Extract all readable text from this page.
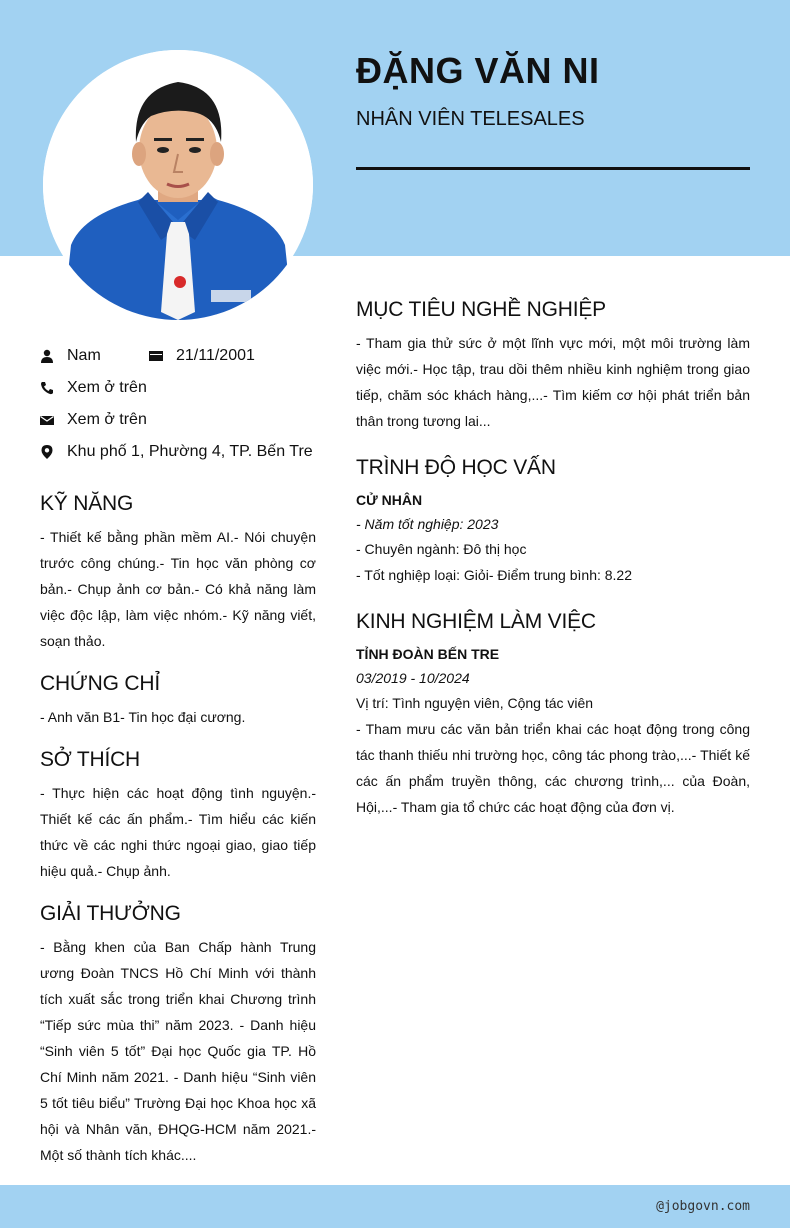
ĐẶNG VĂN NI
NHÂN VIÊN TELESALES
Nam	21/11/2001
Xem ở trên
Xem ở trên
Khu phố 1, Phường 4, TP. Bến Tre
KỸ NĂNG
- Thiết kế bằng phần mềm AI.- Nói chuyện trước công chúng.- Tin học văn phòng cơ bản.- Chụp ảnh cơ bản.- Có khả năng làm việc độc lập, làm việc nhóm.- Kỹ năng viết, soạn thảo.
CHỨNG CHỈ
- Anh văn B1- Tin học đại cương.
SỞ THÍCH
- Thực hiện các hoạt động tình nguyện.- Thiết kế các ấn phẩm.- Tìm hiểu các kiến thức về các nghi thức ngoại giao, giao tiếp hiệu quả.- Chụp ảnh.
GIẢI THƯỞNG
- Bằng khen của Ban Chấp hành Trung ương Đoàn TNCS Hồ Chí Minh với thành tích xuất sắc trong triển khai Chương trình “Tiếp sức mùa thi” năm 2023. - Danh hiệu “Sinh viên 5 tốt” Đại học Quốc gia TP. Hồ Chí Minh năm 2021. - Danh hiệu “Sinh viên 5 tốt tiêu biểu” Trường Đại học Khoa học xã hội và Nhân văn, ĐHQG-HCM năm 2021.- Một số thành tích khác....
MỤC TIÊU NGHỀ NGHIỆP
- Tham gia thử sức ở một lĩnh vực mới, một môi trường làm việc mới.- Học tập, trau dồi thêm nhiều kinh nghiệm trong giao tiếp, chăm sóc khách hàng,...- Tìm kiếm cơ hội phát triển bản thân trong tương lai...
TRÌNH ĐỘ HỌC VẤN
CỬ NHÂN
- Năm tốt nghiệp: 2023
- Chuyên ngành: Đô thị học
- Tốt nghiệp loại: Giỏi- Điểm trung bình: 8.22
KINH NGHIỆM LÀM VIỆC
TỈNH ĐOÀN BẾN TRE
03/2019 - 10/2024
Vị trí: Tình nguyện viên, Cộng tác viên
- Tham mưu các văn bản triển khai các hoạt động trong công tác thanh thiếu nhi trường học, công tác phong trào,...- Thiết kế các ấn phẩm truyền thông, các chương trình,... của Đoàn, Hội,...- Tham gia tổ chức các hoạt động của đơn vị.
@jobgovn.com
